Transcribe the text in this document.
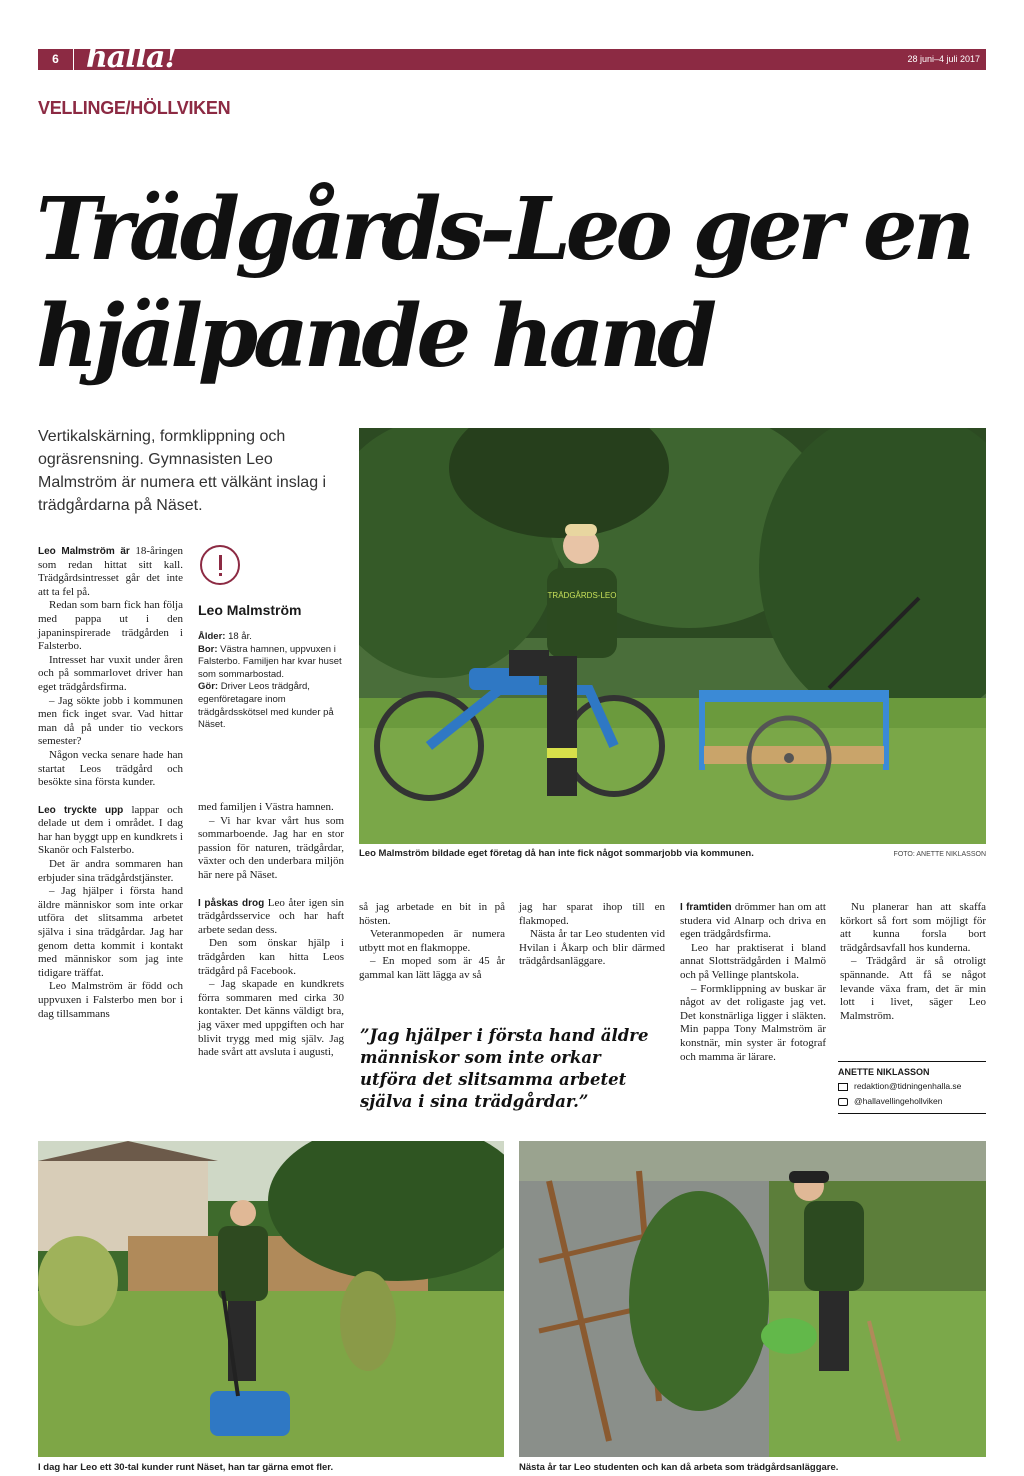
6 hallå!	28 juni–4 juli 2017
VELLINGE/HÖLLVIKEN
Trädgårds-Leo ger en hjälpande hand

Vertikalskärning, formklippning och ogräsrensning. Gymnasisten Leo Malmström är numera ett välkänt inslag i trädgårdarna på Näset.

TRÄDGÅRDS-LEO
Leo Malmström bildade eget företag då han inte fick något sommarjobb via kommunen.	FOTO: ANETTE NIKLASSON

Leo Malmström är 18-åringen som redan hittat sitt kall. Trädgårdsintresset går det inte att ta fel på.

Redan som barn fick han följa med pappa ut i den japaninspirerade trädgården i Falsterbo.

Intresset har vuxit under åren och på sommarlovet driver han eget trädgårdsfirma.

– Jag sökte jobb i kommunen men fick inget svar. Vad hittar man då på under tio veckors semester?

Någon vecka senare hade han startat Leos trädgård och besökte sina första kunder.

Leo tryckte upp lappar och delade ut dem i området. I dag har han byggt upp en kundkrets i Skanör och Falsterbo.

Det är andra sommaren han erbjuder sina trädgårdstjänster.

– Jag hjälper i första hand äldre människor som inte orkar utföra det slitsamma arbetet själva i sina trädgårdar. Jag har genom detta kommit i kontakt med människor som jag inte tidigare träffat.

Leo Malmström är född och uppvuxen i Falsterbo men bor i dag tillsammans

Leo Malmström
Ålder: 18 år.
Bor: Västra hamnen, uppvuxen i Falsterbo. Familjen har kvar huset som sommarbostad.
Gör: Driver Leos trädgård, egenföretagare inom trädgårdsskötsel med kunder på Näset.

med familjen i Västra hamnen.

– Vi har kvar vårt hus som sommarboende. Jag har en stor passion för naturen, trädgårdar, växter och den underbara miljön här nere på Näset.

I påskas drog Leo åter igen sin trädgårdsservice och har haft arbete sedan dess.

Den som önskar hjälp i trädgården kan hitta Leos trädgård på Facebook.

– Jag skapade en kundkrets förra sommaren med cirka 30 kontakter. Det känns väldigt bra, jag växer med uppgiften och har blivit trygg med mig själv. Jag hade svårt att avsluta i augusti,

så jag arbetade en bit in på hösten.

Veteranmopeden är numera utbytt mot en flakmoppe.

– En moped som är 45 år gammal kan lätt lägga av så

jag har sparat ihop till en flakmoped.

Nästa år tar Leo studenten vid Hvilan i Åkarp och blir därmed trädgårdsanläggare.

”Jag hjälper i första hand äldre människor som inte orkar utföra det slitsamma arbetet själva i sina trädgårdar.”

I framtiden drömmer han om att studera vid Alnarp och driva en egen trädgårdsfirma.

Leo har praktiserat i bland annat Slottsträdgården i Malmö och på Vellinge plantskola.

– Formklippning av buskar är något av det roligaste jag vet. Det konstnärliga ligger i släkten. Min pappa Tony Malmström är konstnär, min syster är fotograf och mamma är lärare.

Nu planerar han att skaffa körkort så fort som möjligt för att kunna forsla bort trädgårdsavfall hos kunderna.

– Trädgård är så otroligt spännande. Att få se något levande växa fram, det är min lott i livet, säger Leo Malmström.

ANETTE NIKLASSON
redaktion@tidningenhalla.se
@hallavellingehollviken
I dag har Leo ett 30-tal kunder runt Näset, han tar gärna emot fler.	Nästa år tar Leo studenten och kan då arbeta som trädgårdsanläggare.
